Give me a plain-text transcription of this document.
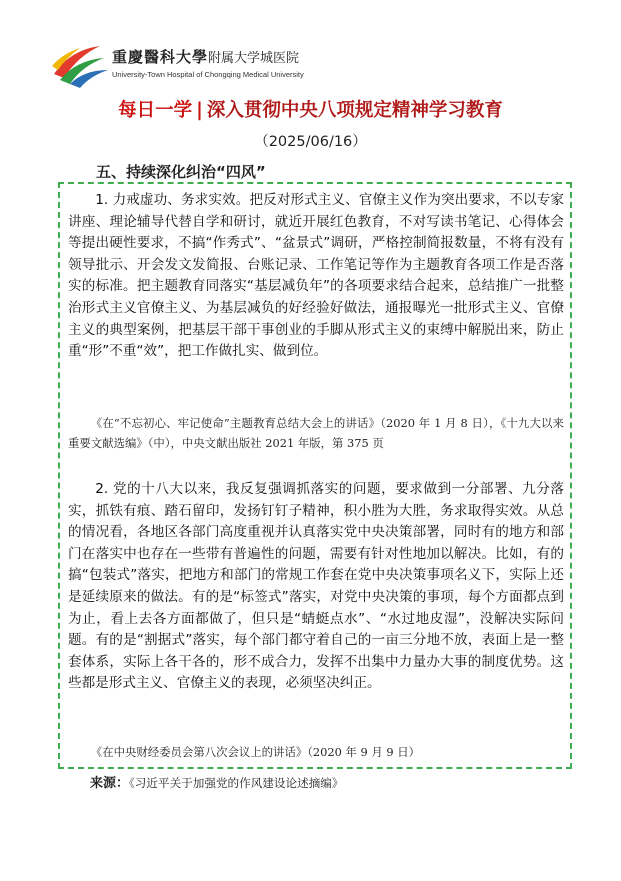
重慶醫科大學附属大学城医院
University-Town Hospital of Chongqing Medical University
每日一学 | 深入贯彻中央八项规定精神学习教育
（2025/06/16）
五、持续深化纠治“四风”

1. 力戒虚功、务求实效。把反对形式主义、官僚主义作为突出要求，不以专家讲座、理论辅导代替自学和研讨，就近开展红色教育，不对写读书笔记、心得体会等提出硬性要求，不搞“作秀式”、“盆景式”调研，严格控制简报数量，不将有没有领导批示、开会发文发简报、台账记录、工作笔记等作为主题教育各项工作是否落实的标准。把主题教育同落实“基层减负年”的各项要求结合起来，总结推广一批整治形式主义官僚主义、为基层减负的好经验好做法，通报曝光一批形式主义、官僚主义的典型案例，把基层干部干事创业的手脚从形式主义的束缚中解脱出来，防止重“形”不重“效”，把工作做扎实、做到位。

《在“不忘初心、牢记使命”主题教育总结大会上的讲话》（2020 年 1 月 8 日），《十九大以来重要文献选编》（中），中央文献出版社 2021 年版，第 375 页

2. 党的十八大以来，我反复强调抓落实的问题，要求做到一分部署、九分落实，抓铁有痕、踏石留印，发扬钉钉子精神，积小胜为大胜，务求取得实效。从总的情况看，各地区各部门高度重视并认真落实党中央决策部署，同时有的地方和部门在落实中也存在一些带有普遍性的问题，需要有针对性地加以解决。比如，有的搞“包装式”落实，把地方和部门的常规工作套在党中央决策事项名义下，实际上还是延续原来的做法。有的是“标签式”落实，对党中央决策的事项，每个方面都点到为止，看上去各方面都做了，但只是“蜻蜓点水”、“水过地皮湿”，没解决实际问题。有的是“割据式”落实，每个部门都守着自己的一亩三分地不放，表面上是一整套体系，实际上各干各的，形不成合力，发挥不出集中力量办大事的制度优势。这些都是形式主义、官僚主义的表现，必须坚决纠正。

《在中央财经委员会第八次会议上的讲话》（2020 年 9 月 9 日）

来源：《习近平关于加强党的作风建设论述摘编》
